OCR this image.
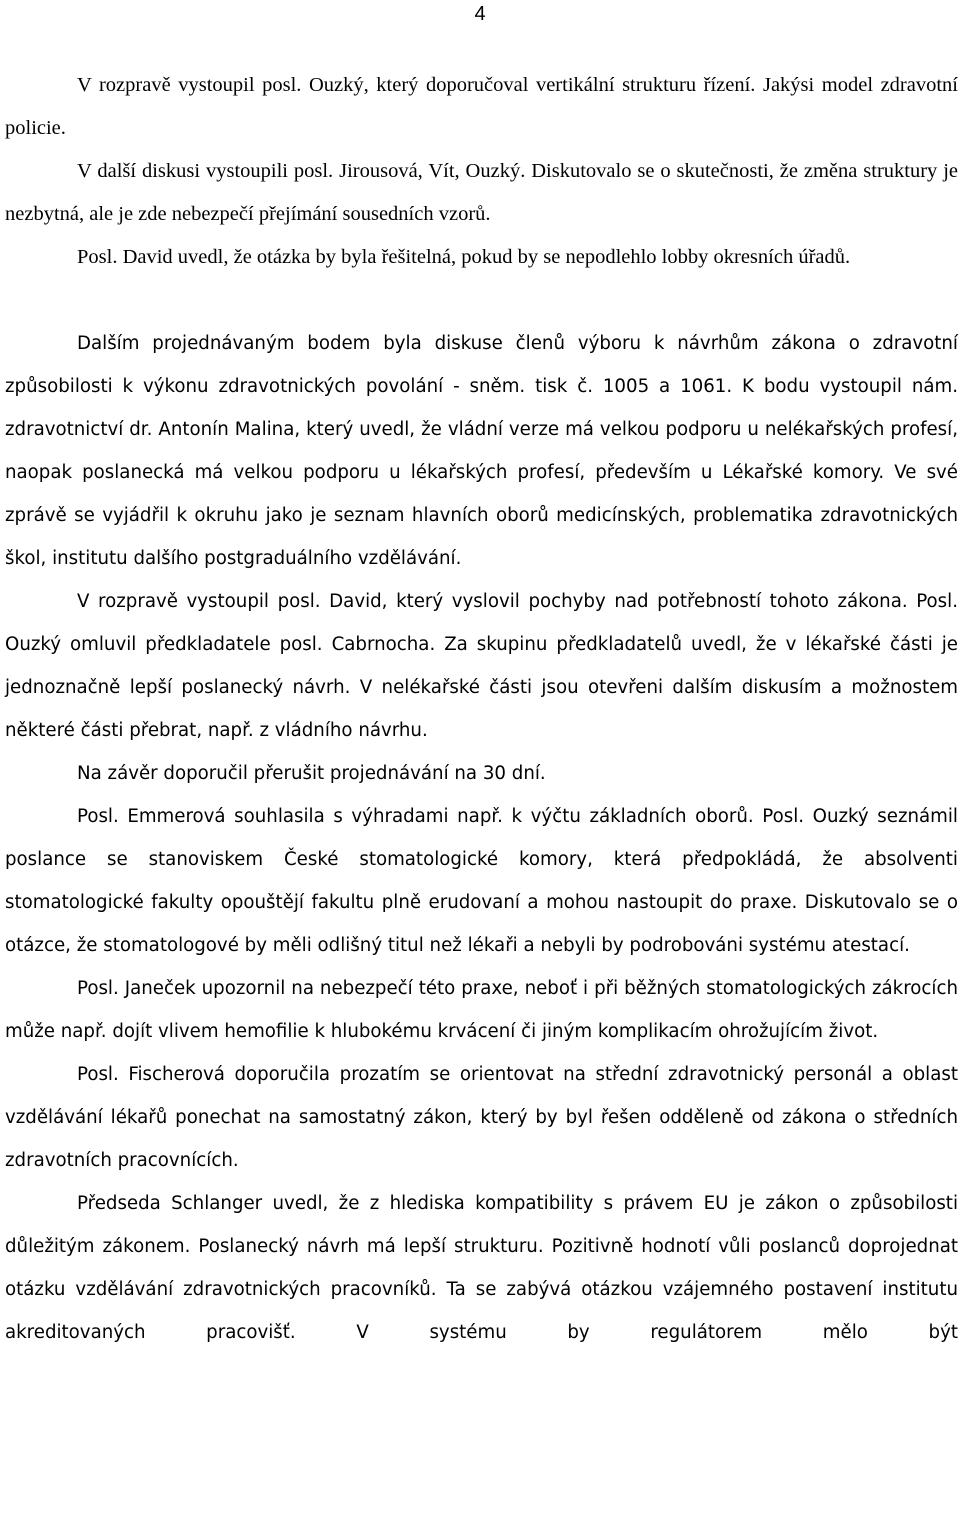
4

V rozpravě vystoupil posl. Ouzký, který doporučoval vertikální strukturu řízení. Jakýsi model zdravotní policie.

V další diskusi vystoupili posl. Jirousová, Vít, Ouzký. Diskutovalo se o skutečnosti, že změna struktury je nezbytná, ale je zde nebezpečí přejímání sousedních vzorů.

Posl. David uvedl, že otázka by byla řešitelná, pokud by se nepodlehlo lobby okresních úřadů.

Dalším projednávaným bodem byla diskuse členů výboru k návrhům zákona o zdravotní způsobilosti k výkonu zdravotnických povolání - sněm. tisk č. 1005 a 1061. K bodu vystoupil nám. zdravotnictví dr. Antonín Malina, který uvedl, že vládní verze má velkou podporu u nelékařských profesí, naopak poslanecká má velkou podporu u lékařských profesí, především u Lékařské komory. Ve své zprávě se vyjádřil k okruhu jako je seznam hlavních oborů medicínských, problematika zdravotnických škol, institutu dalšího postgraduálního vzdělávání.

V rozpravě vystoupil posl. David, který vyslovil pochyby nad potřebností tohoto zákona. Posl. Ouzký omluvil předkladatele posl. Cabrnocha. Za skupinu předkladatelů uvedl, že v lékařské části je jednoznačně lepší poslanecký návrh. V nelékařské části jsou otevřeni dalším diskusím a možnostem některé části přebrat, např. z vládního návrhu.

Na závěr doporučil přerušit projednávání na 30 dní.

Posl. Emmerová souhlasila s výhradami např. k výčtu základních oborů. Posl. Ouzký seznámil poslance se stanoviskem České stomatologické komory, která předpokládá, že absolventi stomatologické fakulty opouštějí fakultu plně erudovaní a mohou nastoupit do praxe. Diskutovalo se o otázce, že stomatologové by měli odlišný titul než lékaři a nebyli by podrobováni systému atestací.

Posl. Janeček upozornil na nebezpečí této praxe, neboť i při běžných stomatologických zákrocích může např. dojít vlivem hemofilie k hlubokému krvácení či jiným komplikacím ohrožujícím život.

Posl. Fischerová doporučila prozatím se orientovat na střední zdravotnický personál a oblast vzdělávání lékařů ponechat na samostatný zákon, který by byl řešen odděleně od zákona o středních zdravotních pracovnících.

Předseda Schlanger uvedl, že z hlediska kompatibility s právem EU je zákon o způsobilosti důležitým zákonem. Poslanecký návrh má lepší strukturu. Pozitivně hodnotí vůli poslanců doprojednat otázku vzdělávání zdravotnických pracovníků. Ta se zabývá otázkou vzájemného postavení institutu akreditovaných pracovišť. V systému by regulátorem mělo být
